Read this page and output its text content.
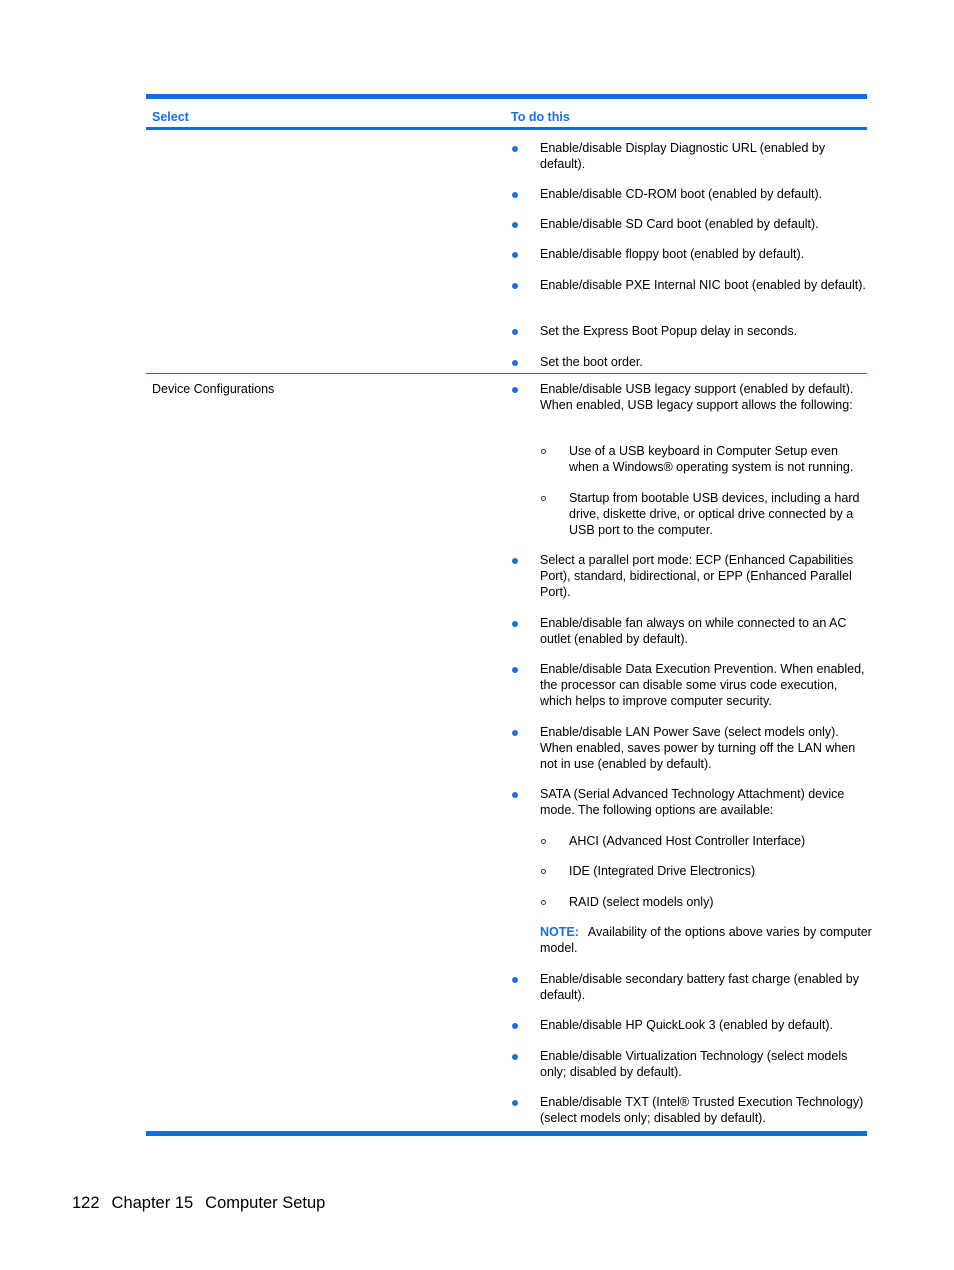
Select	To do this
Enable/disable Display Diagnostic URL (enabled by default).
Enable/disable CD-ROM boot (enabled by default).
Enable/disable SD Card boot (enabled by default).
Enable/disable floppy boot (enabled by default).
Enable/disable PXE Internal NIC boot (enabled by default).
Set the Express Boot Popup delay in seconds.
Set the boot order.
Device Configurations	Enable/disable USB legacy support (enabled by default). When enabled, USB legacy support allows the following:
Use of a USB keyboard in Computer Setup even when a Windows® operating system is not running.
Startup from bootable USB devices, including a hard drive, diskette drive, or optical drive connected by a USB port to the computer.
Select a parallel port mode: ECP (Enhanced Capabilities Port), standard, bidirectional, or EPP (Enhanced Parallel Port).
Enable/disable fan always on while connected to an AC outlet (enabled by default).
Enable/disable Data Execution Prevention. When enabled, the processor can disable some virus code execution, which helps to improve computer security.
Enable/disable LAN Power Save (select models only). When enabled, saves power by turning off the LAN when not in use (enabled by default).
SATA (Serial Advanced Technology Attachment) device mode. The following options are available:
AHCI (Advanced Host Controller Interface)
IDE (Integrated Drive Electronics)
RAID (select models only)
NOTE: Availability of the options above varies by computer model.
Enable/disable secondary battery fast charge (enabled by default).
Enable/disable HP QuickLook 3 (enabled by default).
Enable/disable Virtualization Technology (select models only; disabled by default).
Enable/disable TXT (Intel® Trusted Execution Technology) (select models only; disabled by default).
122 Chapter 15 Computer Setup
